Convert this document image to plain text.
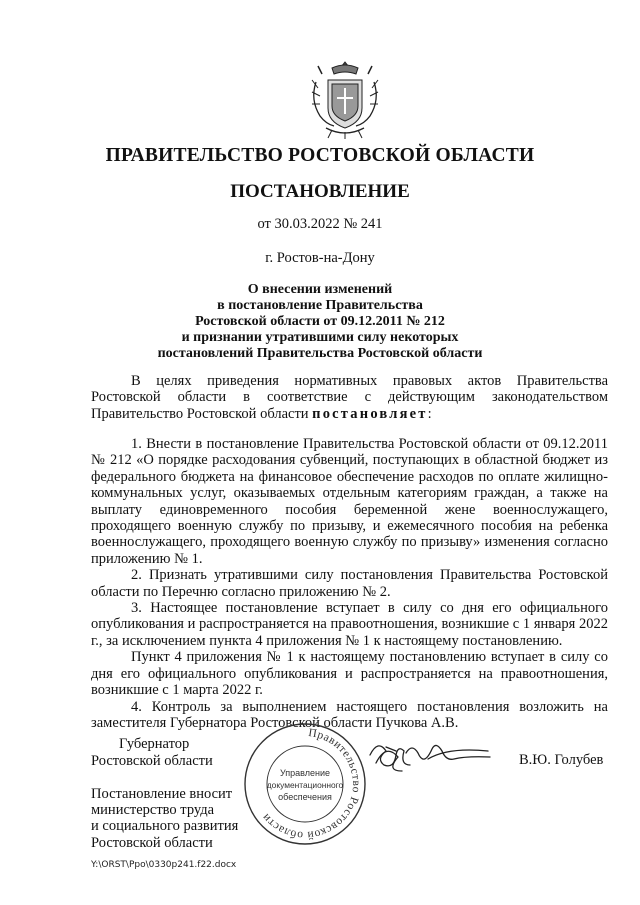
ПРАВИТЕЛЬСТВО РОСТОВСКОЙ ОБЛАСТИ
ПОСТАНОВЛЕНИЕ
от 30.03.2022 № 241
г. Ростов-на-Дону
О внесении изменений
в постановление Правительства
Ростовской области от 09.12.2011 № 212
и признании утратившими силу некоторых
постановлений Правительства Ростовской области

В целях приведения нормативных правовых актов Правительства Ростовской области в соответствие с действующим законодательством Правительство Ростовской области постановляет:

1. Внести в постановление Правительства Ростовской области от 09.12.2011 № 212 «О порядке расходования субвенций, поступающих в областной бюджет из федерального бюджета на финансовое обеспечение расходов по оплате жилищно-коммунальных услуг, оказываемых отдельным категориям граждан, а также на выплату единовременного пособия беременной жене военнослужащего, проходящего военную службу по призыву, и ежемесячного пособия на ребенка военнослужащего, проходящего военную службу по призыву» изменения согласно приложению № 1.

2. Признать утратившими силу постановления Правительства Ростовской области по Перечню согласно приложению № 2.

3. Настоящее постановление вступает в силу со дня его официального опубликования и распространяется на правоотношения, возникшие с 1 января 2022 г., за исключением пункта 4 приложения № 1 к настоящему постановлению.

Пункт 4 приложения № 1 к настоящему постановлению вступает в силу со дня его официального опубликования и распространяется на правоотношения, возникшие с 1 марта 2022 г.

4. Контроль за выполнением настоящего постановления возложить на заместителя Губернатора Ростовской области Пучкова А.В.

Губернатор
Ростовской области
Правительство Ростовской области
Управление
документационного
обеспечения
В.Ю. Голубев
Постановление вносит
министерство труда
и социального развития
Ростовской области
Y:\ORST\Ppo\0330p241.f22.docx
